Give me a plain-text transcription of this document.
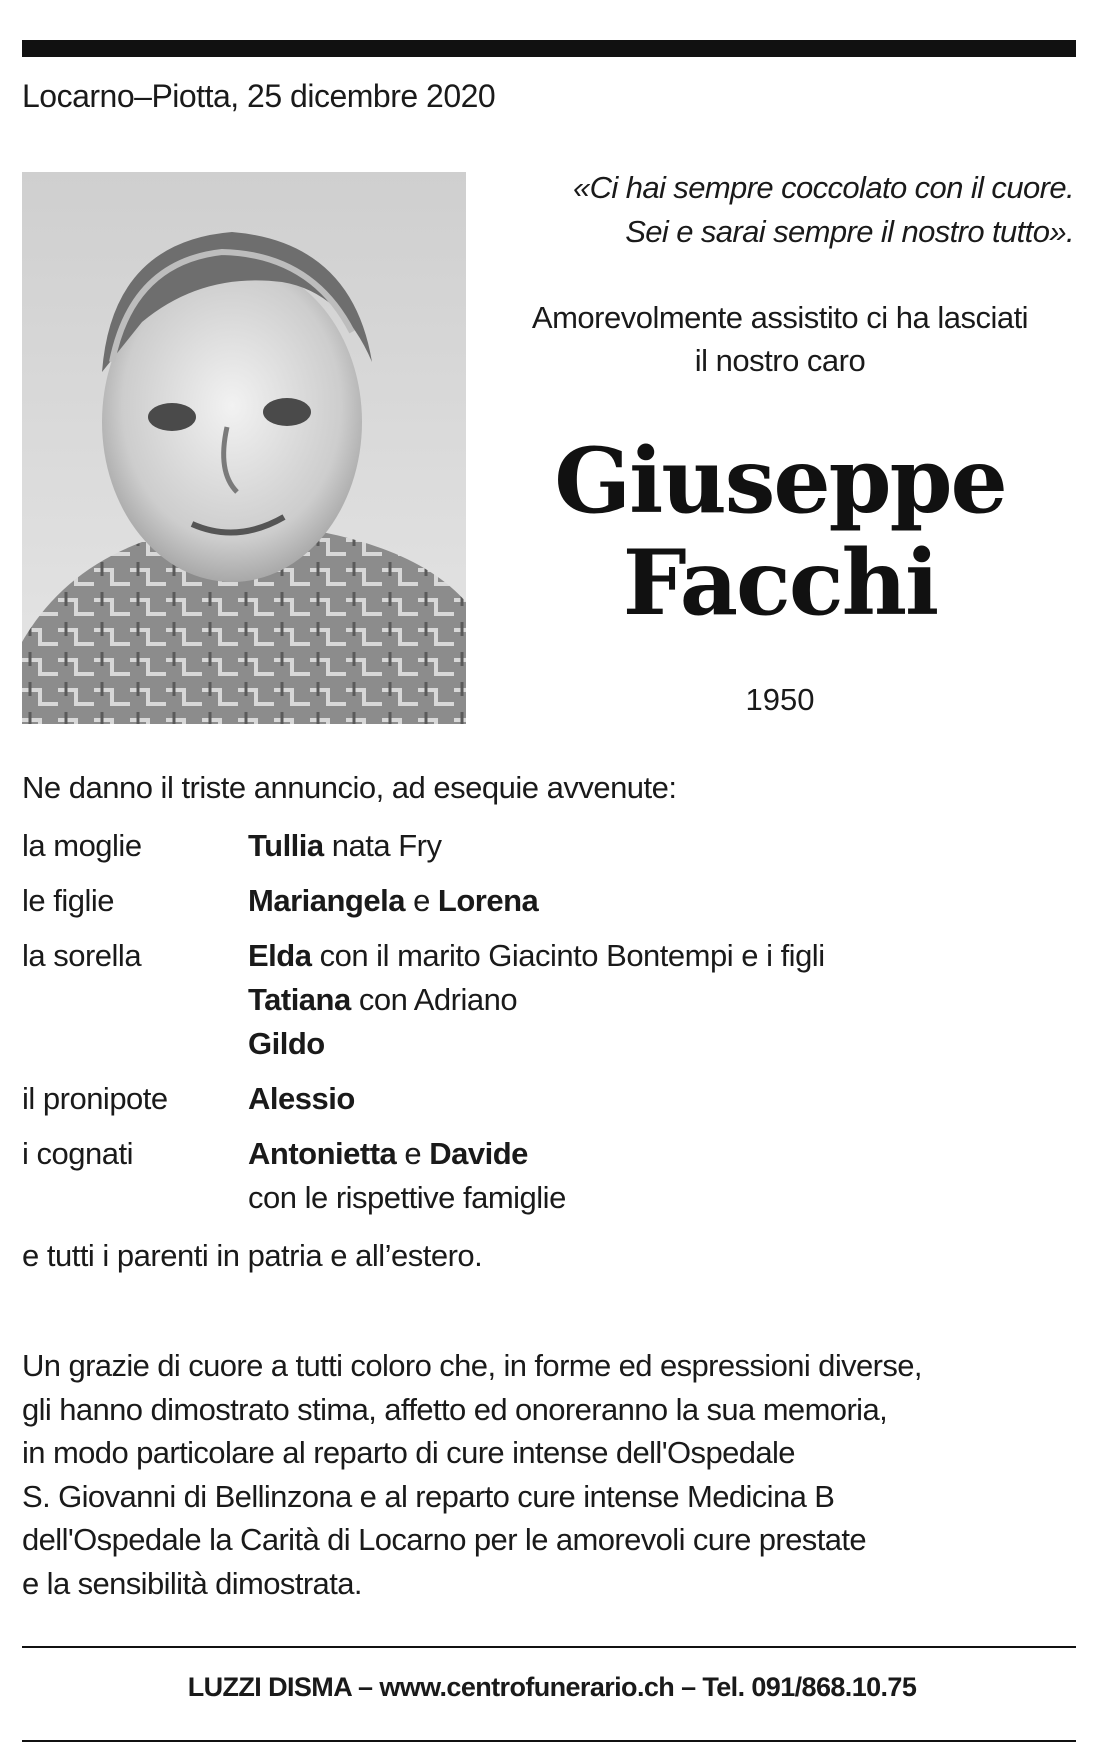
Locarno–Piotta, 25 dicembre 2020
«Ci hai sempre coccolato con il cuore.
Sei e sarai sempre il nostro tutto».
Amorevolmente assistito ci ha lasciati
il nostro caro
Giuseppe
Facchi
1950
Ne danno il triste annuncio, ad esequie avvenute:
la moglie	Tullia nata Fry
le figlie	Mariangela e Lorena
la sorella	Elda con il marito Giacinto Bontempi e i figli
Tatiana con Adriano
Gildo
il pronipote	Alessio
i cognati	Antonietta e Davide
con le rispettive famiglie
e tutti i parenti in patria e all’estero.
Un grazie di cuore a tutti coloro che, in forme ed espressioni diverse,
gli hanno dimostrato stima, affetto ed onoreranno la sua memoria,
in modo particolare al reparto di cure intense dell'Ospedale
S. Giovanni di Bellinzona e al reparto cure intense Medicina B
dell'Ospedale la Carità di Locarno per le amorevoli cure prestate
e la sensibilità dimostrata.
LUZZI DISMA – www.centrofunerario.ch – Tel. 091/868.10.75
